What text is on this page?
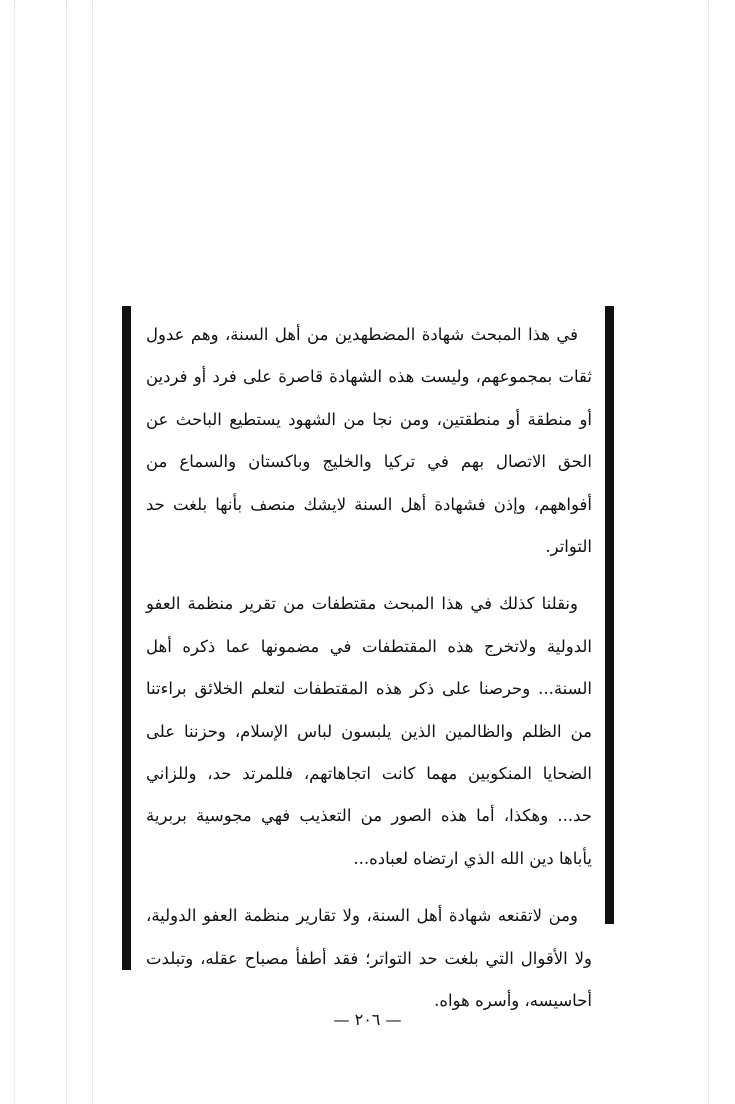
في هذا المبحث شهادة المضطهدين من أهل السنة، وهم عدول ثقات بمجموعهم، وليست هذه الشهادة قاصرة على فرد أو فردين أو منطقة أو منطقتين، ومن نجا من الشهود يستطيع الباحث عن الحق الاتصال بهم في تركيا والخليج وباكستان والسماع من أفواههم، وإذن فشهادة أهل السنة لايشك منصف بأنها بلغت حد التواتر.

ونقلنا كذلك في هذا المبحث مقتطفات من تقرير منظمة العفو الدولية ولاتخرج هذه المقتطفات في مضمونها عما ذكره أهل السنة... وحرصنا على ذكر هذه المقتطفات لتعلم الخلائق براءتنا من الظلم والظالمين الذين يلبسون لباس الإسلام، وحزننا على الضحايا المنكوبين مهما كانت اتجاهاتهم، فللمرتد حد، وللزاني حد... وهكذا، أما هذه الصور من التعذيب فهي مجوسية بربرية يأباها دين الله الذي ارتضاه لعباده...

ومن لاتقنعه شهادة أهل السنة، ولا تقارير منظمة العفو الدولية، ولا الأقوال التي بلغت حد التواتر؛ فقد أطفأ مصباح عقله، وتبلدت أحاسيسه، وأسره هواه.

— ٢٠٦ —
